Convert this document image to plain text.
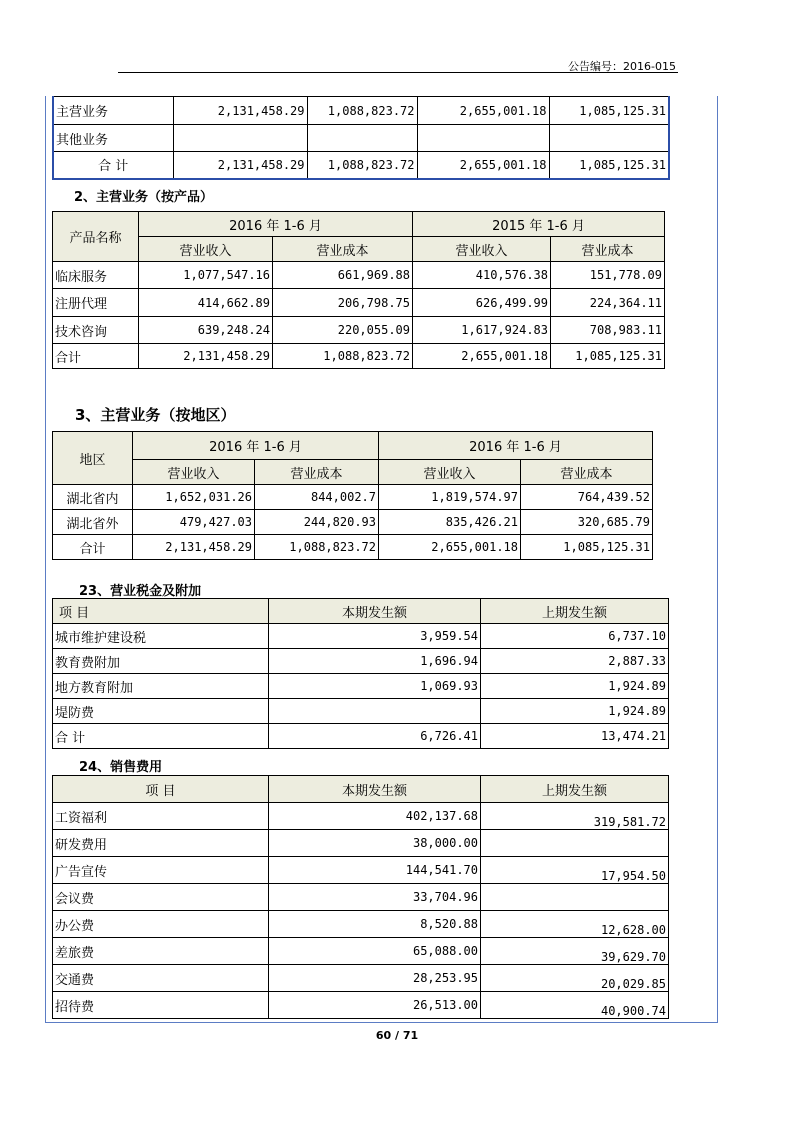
公告编号：2016-015
主营业务	2,131,458.29	1,088,823.72	2,655,001.18	1,085,125.31
其他业务				
合 计	2,131,458.29	1,088,823.72	2,655,001.18	1,085,125.31
2、主营业务（按产品）
产品名称	2016 年 1-6 月		2015 年 1-6 月	
	营业收入	营业成本	营业收入	营业成本
临床服务	1,077,547.16	661,969.88	410,576.38	151,778.09
注册代理	414,662.89	206,798.75	626,499.99	224,364.11
技术咨询	639,248.24	220,055.09	1,617,924.83	708,983.11
合计	2,131,458.29	1,088,823.72	2,655,001.18	1,085,125.31
3、主营业务（按地区）
地区	2016 年 1-6 月		2016 年 1-6 月	
	营业收入	营业成本	营业收入	营业成本
湖北省内	1,652,031.26	844,002.7	1,819,574.97	764,439.52
湖北省外	479,427.03	244,820.93	835,426.21	320,685.79
合计	2,131,458.29	1,088,823.72	2,655,001.18	1,085,125.31
23、营业税金及附加
项 目	本期发生额	上期发生额
城市维护建设税	3,959.54	6,737.10
教育费附加	1,696.94	2,887.33
地方教育附加	1,069.93	1,924.89
堤防费		1,924.89
合 计	6,726.41	13,474.21
24、销售费用
项 目	本期发生额	上期发生额
工资福利	402,137.68	319,581.72
研发费用	38,000.00	
广告宣传	144,541.70	17,954.50
会议费	33,704.96	
办公费	8,520.88	12,628.00
差旅费	65,088.00	39,629.70
交通费	28,253.95	20,029.85
招待费	26,513.00	40,900.74
60 / 71
